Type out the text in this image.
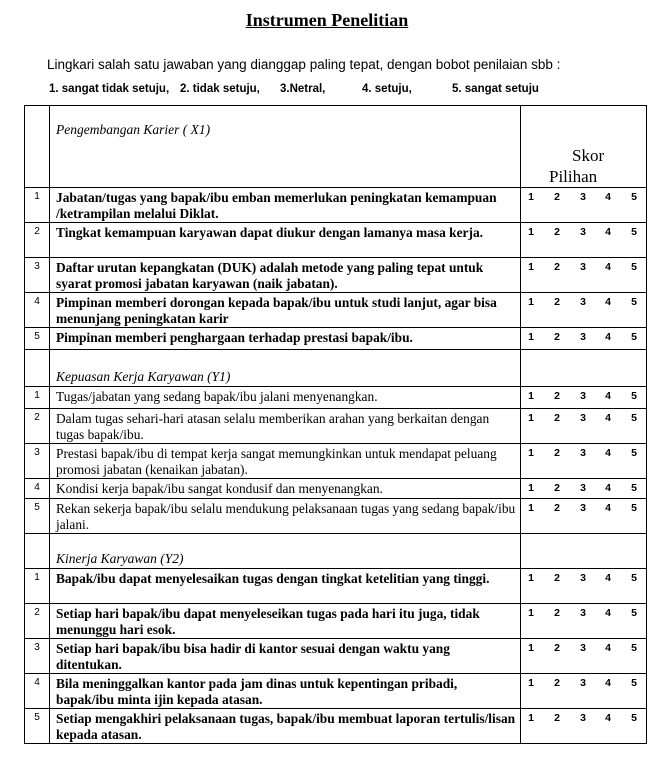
Instrumen Penelitian
Lingkari salah satu jawaban yang dianggap paling tepat, dengan bobot penilaian sbb :
1. sangat tidak setuju, 2. tidak setuju, 3.Netral,	4. setuju,	5. sangat setuju
	Pengembangan Karier ( X1)	Skor
Pilihan

1	Jabatan/tugas yang bapak/ibu emban memerlukan peningkatan kemampuan /ketrampilan melalui Diklat.	1 2 3 4 5

2	Tingkat kemampuan karyawan dapat diukur dengan lamanya masa kerja.	1 2 3 4 5

3	Daftar urutan kepangkatan (DUK) adalah metode yang paling tepat untuk syarat promosi jabatan karyawan (naik jabatan).	1 2 3 4 5

4	Pimpinan memberi dorongan kepada bapak/ibu untuk studi lanjut, agar bisa menunjang peningkatan karir	1 2 3 4 5

5	Pimpinan memberi penghargaan terhadap prestasi bapak/ibu.	1 2 3 4 5

	Kepuasan Kerja Karyawan (Y1)	
1	Tugas/jabatan yang sedang bapak/ibu jalani menyenangkan.	1 2 3 4 5

2	Dalam tugas sehari-hari atasan selalu memberikan arahan yang berkaitan dengan tugas bapak/ibu.	1 2 3 4 5

3	Prestasi bapak/ibu di tempat kerja sangat memungkinkan untuk mendapat peluang promosi jabatan (kenaikan jabatan).	1 2 3 4 5

4	Kondisi kerja bapak/ibu sangat kondusif dan menyenangkan.	1 2 3 4 5

5	Rekan sekerja bapak/ibu selalu mendukung pelaksanaan tugas yang sedang bapak/ibu jalani.	1 2 3 4 5

	Kinerja Karyawan (Y2)	
1	Bapak/ibu dapat menyelesaikan tugas dengan tingkat ketelitian yang tinggi.	1 2 3 4 5

2	Setiap hari bapak/ibu dapat menyeleseikan tugas pada hari itu juga, tidak menunggu hari esok.	1 2 3 4 5

3	Setiap hari bapak/ibu bisa hadir di kantor sesuai dengan waktu yang ditentukan.	1 2 3 4 5

4	Bila meninggalkan kantor pada jam dinas untuk kepentingan pribadi, bapak/ibu minta ijin kepada atasan.	1 2 3 4 5

5	Setiap mengakhiri pelaksanaan tugas, bapak/ibu membuat laporan tertulis/lisan kepada atasan.	1 2 3 4 5
